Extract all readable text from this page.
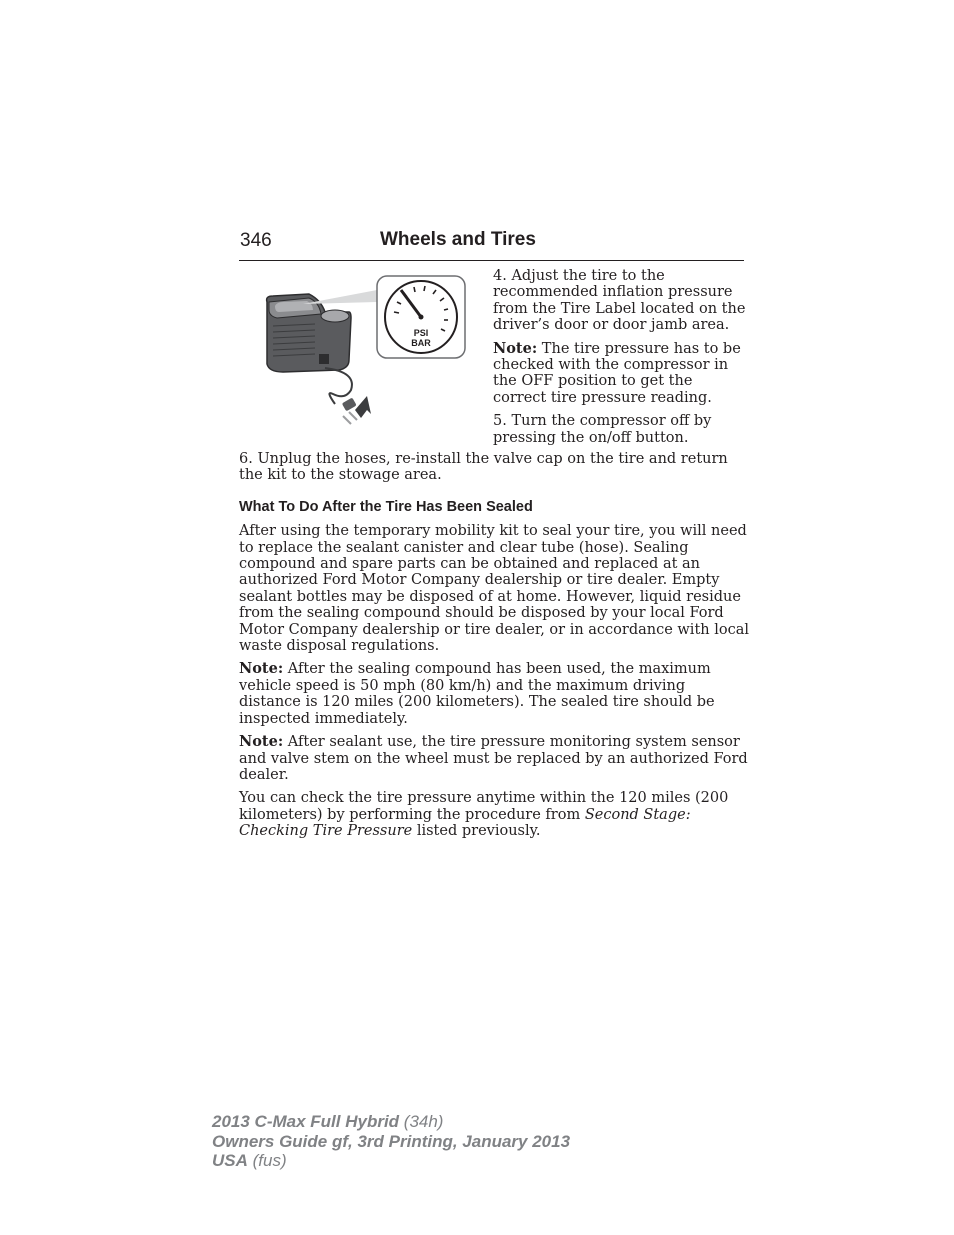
346	Wheels and Tires
PSI
BAR

4. Adjust the tire to the recommended inflation pressure from the Tire Label located on the driver’s door or door jamb area.

Note: The tire pressure has to be checked with the compressor in the OFF position to get the correct tire pressure reading.

5. Turn the compressor off by pressing the on/off button.

6. Unplug the hoses, re-install the valve cap on the tire and return the kit to the stowage area.

What To Do After the Tire Has Been Sealed

After using the temporary mobility kit to seal your tire, you will need to replace the sealant canister and clear tube (hose). Sealing compound and spare parts can be obtained and replaced at an authorized Ford Motor Company dealership or tire dealer. Empty sealant bottles may be disposed of at home. However, liquid residue from the sealing compound should be disposed by your local Ford Motor Company dealership or tire dealer, or in accordance with local waste disposal regulations.

Note: After the sealing compound has been used, the maximum vehicle speed is 50 mph (80 km/h) and the maximum driving distance is 120 miles (200 kilometers). The sealed tire should be inspected immediately.

Note: After sealant use, the tire pressure monitoring system sensor and valve stem on the wheel must be replaced by an authorized Ford dealer.

You can check the tire pressure anytime within the 120 miles (200 kilometers) by performing the procedure from Second Stage: Checking Tire Pressure listed previously.

2013 C-Max Full Hybrid (34h)
Owners Guide gf, 3rd Printing, January 2013
USA (fus)
